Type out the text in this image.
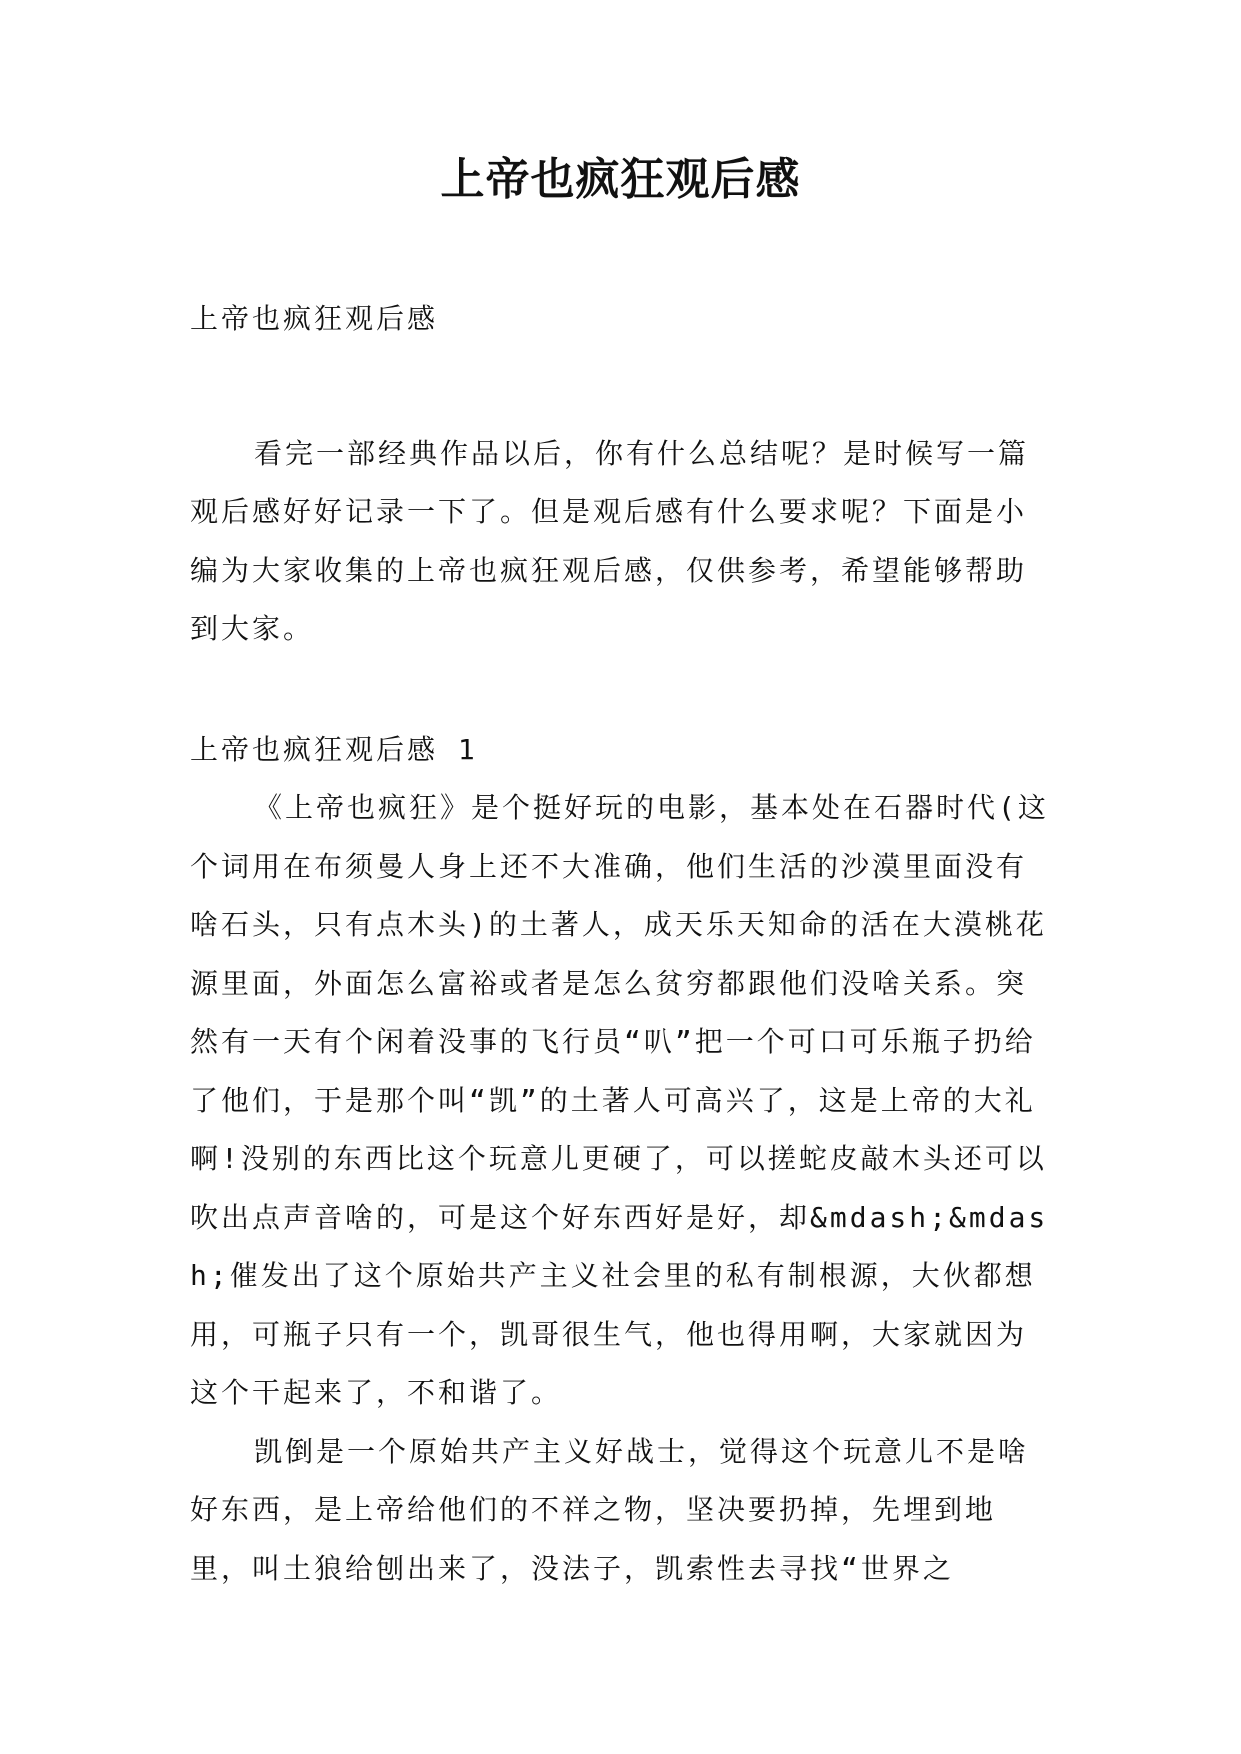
上帝也疯狂观后感

上帝也疯狂观后感

看完一部经典作品以后，你有什么总结呢？是时候写一篇观后感好好记录一下了。但是观后感有什么要求呢？下面是小编为大家收集的上帝也疯狂观后感，仅供参考，希望能够帮助到大家。

上帝也疯狂观后感 1

《上帝也疯狂》是个挺好玩的电影，基本处在石器时代(这个词用在布须曼人身上还不大准确，他们生活的沙漠里面没有啥石头，只有点木头)的土著人，成天乐天知命的活在大漠桃花源里面，外面怎么富裕或者是怎么贫穷都跟他们没啥关系。突然有一天有个闲着没事的飞行员“叭”把一个可口可乐瓶子扔给了他们，于是那个叫“凯”的土著人可高兴了，这是上帝的大礼啊!没别的东西比这个玩意儿更硬了，可以搓蛇皮敲木头还可以吹出点声音啥的，可是这个好东西好是好，却&mdash;&mdash;催发出了这个原始共产主义社会里的私有制根源，大伙都想用，可瓶子只有一个，凯哥很生气，他也得用啊，大家就因为这个干起来了，不和谐了。

凯倒是一个原始共产主义好战士，觉得这个玩意儿不是啥好东西，是上帝给他们的不祥之物，坚决要扔掉，先埋到地里，叫土狼给刨出来了，没法子，凯索性去寻找“世界之
